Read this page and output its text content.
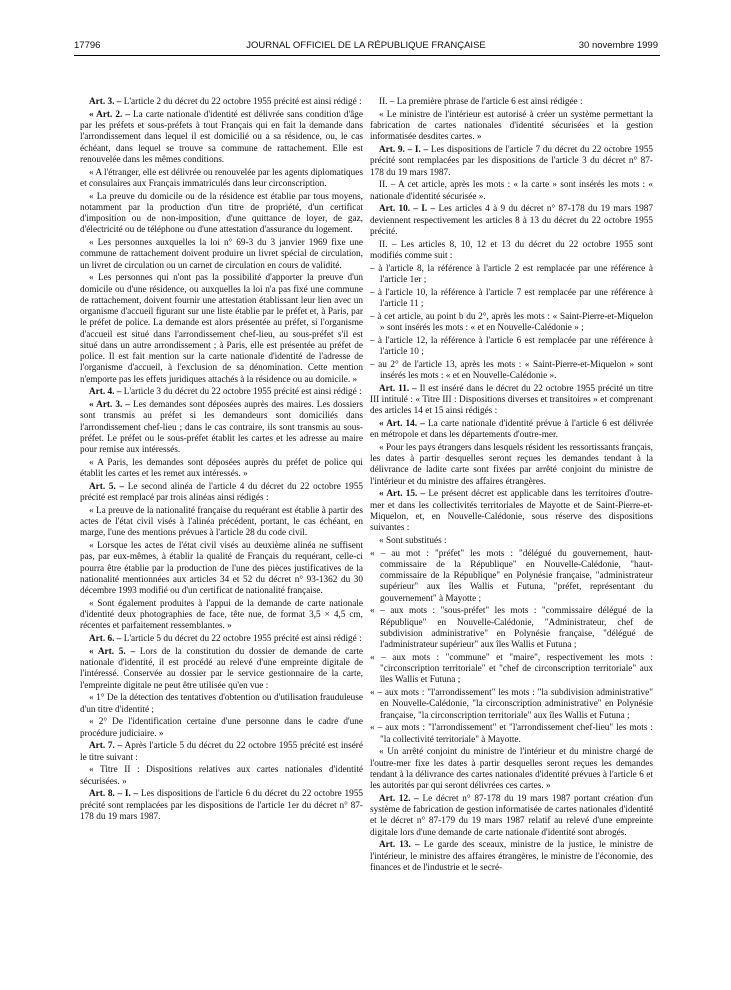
17796	JOURNAL OFFICIEL DE LA RÉPUBLIQUE FRANÇAISE	30 novembre 1999

Art. 3. – L'article 2 du décret du 22 octobre 1955 précité est ainsi rédigé :

« Art. 2. – La carte nationale d'identité est délivrée sans condition d'âge par les préfets et sous-préfets à tout Français qui en fait la demande dans l'arrondissement dans lequel il est domicilié ou a sa résidence, ou, le cas échéant, dans lequel se trouve sa commune de rattachement. Elle est renouvelée dans les mêmes conditions.

« A l'étranger, elle est délivrée ou renouvelée par les agents diplomatiques et consulaires aux Français immatriculés dans leur circonscription.

« La preuve du domicile ou de la résidence est établie par tous moyens, notamment par la production d'un titre de propriété, d'un certificat d'imposition ou de non-imposition, d'une quittance de loyer, de gaz, d'électricité ou de téléphone ou d'une attestation d'assurance du logement.

« Les personnes auxquelles la loi n° 69-3 du 3 janvier 1969 fixe une commune de rattachement doivent produire un livret spécial de circulation, un livret de circulation ou un carnet de circulation en cours de validité.

« Les personnes qui n'ont pas la possibilité d'apporter la preuve d'un domicile ou d'une résidence, ou auxquelles la loi n'a pas fixé une commune de rattachement, doivent fournir une attestation établissant leur lien avec un organisme d'accueil figurant sur une liste établie par le préfet et, à Paris, par le préfet de police. La demande est alors présentée au préfet, si l'organisme d'accueil est situé dans l'arrondissement chef-lieu, au sous-préfet s'il est situé dans un autre arrondissement ; à Paris, elle est présentée au préfet de police. Il est fait mention sur la carte nationale d'identité de l'adresse de l'organisme d'accueil, à l'exclusion de sa dénomination. Cette mention n'emporte pas les effets juridiques attachés à la résidence ou au domicile. »

Art. 4. – L'article 3 du décret du 22 octobre 1955 précité est ainsi rédigé :

« Art. 3. – Les demandes sont déposées auprès des maires. Les dossiers sont transmis au préfet si les demandeurs sont domiciliés dans l'arrondissement chef-lieu ; dans le cas contraire, ils sont transmis au sous-préfet. Le préfet ou le sous-préfet établit les cartes et les adresse au maire pour remise aux intéressés.

« A Paris, les demandes sont déposées auprès du préfet de police qui établit les cartes et les remet aux intéressés. »

Art. 5. – Le second alinéa de l'article 4 du décret du 22 octobre 1955 précité est remplacé par trois alinéas ainsi rédigés :

« La preuve de la nationalité française du requérant est établie à partir des actes de l'état civil visés à l'alinéa précédent, portant, le cas échéant, en marge, l'une des mentions prévues à l'article 28 du code civil.

« Lorsque les actes de l'état civil visés au deuxième alinéa ne suffisent pas, par eux-mêmes, à établir la qualité de Français du requérant, celle-ci pourra être établie par la production de l'une des pièces justificatives de la nationalité mentionnées aux articles 34 et 52 du décret n° 93-1362 du 30 décembre 1993 modifié ou d'un certificat de nationalité française.

« Sont également produites à l'appui de la demande de carte nationale d'identité deux photographies de face, tête nue, de format 3,5 × 4,5 cm, récentes et parfaitement ressemblantes. »

Art. 6. – L'article 5 du décret du 22 octobre 1955 précité est ainsi rédigé :

« Art. 5. – Lors de la constitution du dossier de demande de carte nationale d'identité, il est procédé au relevé d'une empreinte digitale de l'intéressé. Conservée au dossier par le service gestionnaire de la carte, l'empreinte digitale ne peut être utilisée qu'en vue :

« 1° De la détection des tentatives d'obtention ou d'utilisation frauduleuse d'un titre d'identité ;

« 2° De l'identification certaine d'une personne dans le cadre d'une procédure judiciaire. »

Art. 7. – Après l'article 5 du décret du 22 octobre 1955 précité est inséré le titre suivant :

« Titre II : Dispositions relatives aux cartes nationales d'identité sécurisées. »

Art. 8. – I. – Les dispositions de l'article 6 du décret du 22 octobre 1955 précité sont remplacées par les dispositions de l'article 1er du décret n° 87-178 du 19 mars 1987.

II. – La première phrase de l'article 6 est ainsi rédigée :

« Le ministre de l'intérieur est autorisé à créer un système permettant la fabrication de cartes nationales d'identité sécurisées et la gestion informatisée desdites cartes. »

Art. 9. – I. – Les dispositions de l'article 7 du décret du 22 octobre 1955 précité sont remplacées par les dispositions de l'article 3 du décret n° 87-178 du 19 mars 1987.

II. – A cet article, après les mots : « la carte » sont insérés les mots : « nationale d'identité sécurisée ».

Art. 10. – I. – Les articles 4 à 9 du décret n° 87-178 du 19 mars 1987 deviennent respectivement les articles 8 à 13 du décret du 22 octobre 1955 précité.

II. – Les articles 8, 10, 12 et 13 du décret du 22 octobre 1955 sont modifiés comme suit :

– à l'article 8, la référence à l'article 2 est remplacée par une référence à l'article 1er ;

– à l'article 10, la référence à l'article 7 est remplacée par une référence à l'article 11 ;

– à cet article, au point b du 2°, après les mots : « Saint-Pierre-et-Miquelon » sont insérés les mots : « et en Nouvelle-Calédonie » ;

– à l'article 12, la référence à l'article 6 est remplacée par une référence à l'article 10 ;

– au 2° de l'article 13, après les mots : « Saint-Pierre-et-Miquelon » sont insérés les mots : « et en Nouvelle-Calédonie ».

Art. 11. – Il est inséré dans le décret du 22 octobre 1955 précité un titre III intitulé : « Titre III : Dispositions diverses et transitoires » et comprenant des articles 14 et 15 ainsi rédigés :

« Art. 14. – La carte nationale d'identité prévue à l'article 6 est délivrée en métropole et dans les départements d'outre-mer.

« Pour les pays étrangers dans lesquels résident les ressortissants français, les dates à partir desquelles seront reçues les demandes tendant à la délivrance de ladite carte sont fixées par arrêté conjoint du ministre de l'intérieur et du ministre des affaires étrangères.

« Art. 15. – Le présent décret est applicable dans les territoires d'outre-mer et dans les collectivités territoriales de Mayotte et de Saint-Pierre-et-Miquelon, et, en Nouvelle-Calédonie, sous réserve des dispositions suivantes :

« Sont substitués :

« – au mot : "préfet" les mots : "délégué du gouvernement, haut-commissaire de la République" en Nouvelle-Calédonie, "haut-commissaire de la République" en Polynésie française, "administrateur supérieur" aux îles Wallis et Futuna, "préfet, représentant du gouvernement" à Mayotte ;

« – aux mots : "sous-préfet" les mots : "commissaire délégué de la République" en Nouvelle-Calédonie, "Administrateur, chef de subdivision administrative" en Polynésie française, "délégué de l'administrateur supérieur" aux îles Wallis et Futuna ;

« – aux mots : "commune" et "maire", respectivement les mots : "circonscription territoriale" et "chef de circonscription territoriale" aux îles Wallis et Futuna ;

« – aux mots : "l'arrondissement" les mots : "la subdivision administrative" en Nouvelle-Calédonie, "la circonscription administrative" en Polynésie française, "la circonscription territoriale" aux îles Wallis et Futuna ;

« – aux mots : "l'arrondissement" et "l'arrondissement chef-lieu" les mots : "la collectivité territoriale" à Mayotte.

« Un arrêté conjoint du ministre de l'intérieur et du ministre chargé de l'outre-mer fixe les dates à partir desquelles seront reçues les demandes tendant à la délivrance des cartes nationales d'identité prévues à l'article 6 et les autorités par qui seront délivrées ces cartes. »

Art. 12. – Le décret n° 87-178 du 19 mars 1987 portant création d'un système de fabrication de gestion informatisée de cartes nationales d'identité et le décret n° 87-179 du 19 mars 1987 relatif au relevé d'une empreinte digitale lors d'une demande de carte nationale d'identité sont abrogés.

Art. 13. – Le garde des sceaux, ministre de la justice, le ministre de l'intérieur, le ministre des affaires étrangères, le ministre de l'économie, des finances et de l'industrie et le secré-
